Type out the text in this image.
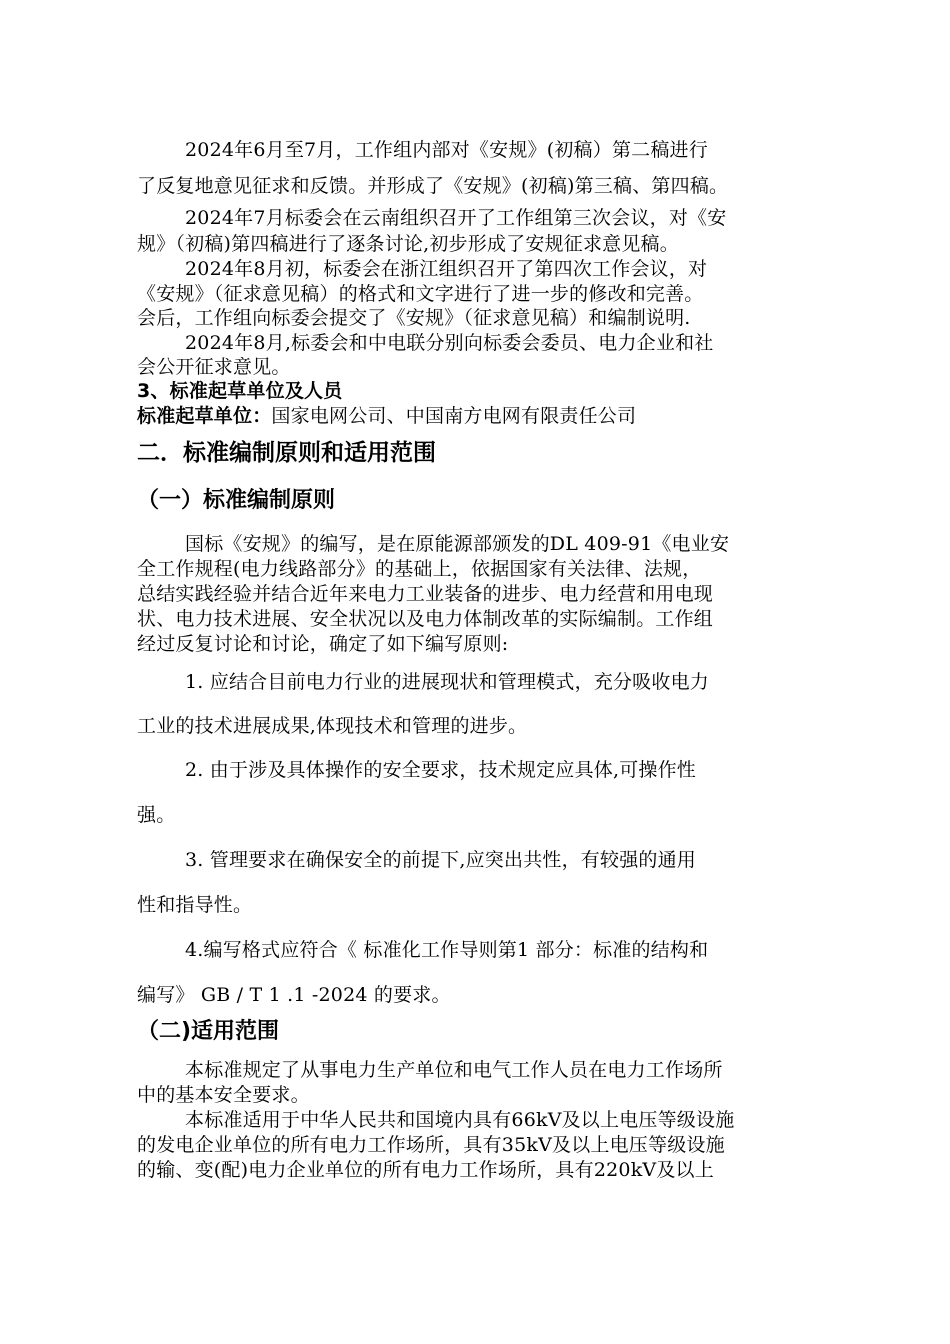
2024年6月至7月，工作组内部对《安规》(初稿）第二稿进行
了反复地意见征求和反馈。并形成了《安规》(初稿)第三稿、第四稿。
2024年7月标委会在云南组织召开了工作组第三次会议，对《安
规》（初稿)第四稿进行了逐条讨论,初步形成了安规征求意见稿。
2024年8月初，标委会在浙江组织召开了第四次工作会议，对
《安规》（征求意见稿）的格式和文字进行了进一步的修改和完善。
会后，工作组向标委会提交了《安规》（征求意见稿）和编制说明.
2024年8月,标委会和中电联分别向标委会委员、电力企业和社
会公开征求意见。
3、标准起草单位及人员
标准起草单位：国家电网公司、中国南方电网有限责任公司
二．标准编制原则和适用范围
（一）标准编制原则
国标《安规》的编写，是在原能源部颁发的DL 409-91《电业安
全工作规程(电力线路部分》的基础上，依据国家有关法律、法规，
总结实践经验并结合近年来电力工业装备的进步、电力经营和用电现
状、电力技术进展、安全状况以及电力体制改革的实际编制。工作组
经过反复讨论和讨论，确定了如下编写原则:
1. 应结合目前电力行业的进展现状和管理模式，充分吸收电力
工业的技术进展成果,体现技术和管理的进步。
2. 由于涉及具体操作的安全要求，技术规定应具体,可操作性
强。
3. 管理要求在确保安全的前提下,应突出共性，有较强的通用
性和指导性。
4.编写格式应符合《 标准化工作导则第1 部分：标准的结构和
编写》 GB / T 1 .1 -2024 的要求。
（二)适用范围
本标准规定了从事电力生产单位和电气工作人员在电力工作场所
中的基本安全要求。
本标准适用于中华人民共和国境内具有66kV及以上电压等级设施
的发电企业单位的所有电力工作场所，具有35kV及以上电压等级设施
的输、变(配)电力企业单位的所有电力工作场所，具有220kV及以上
